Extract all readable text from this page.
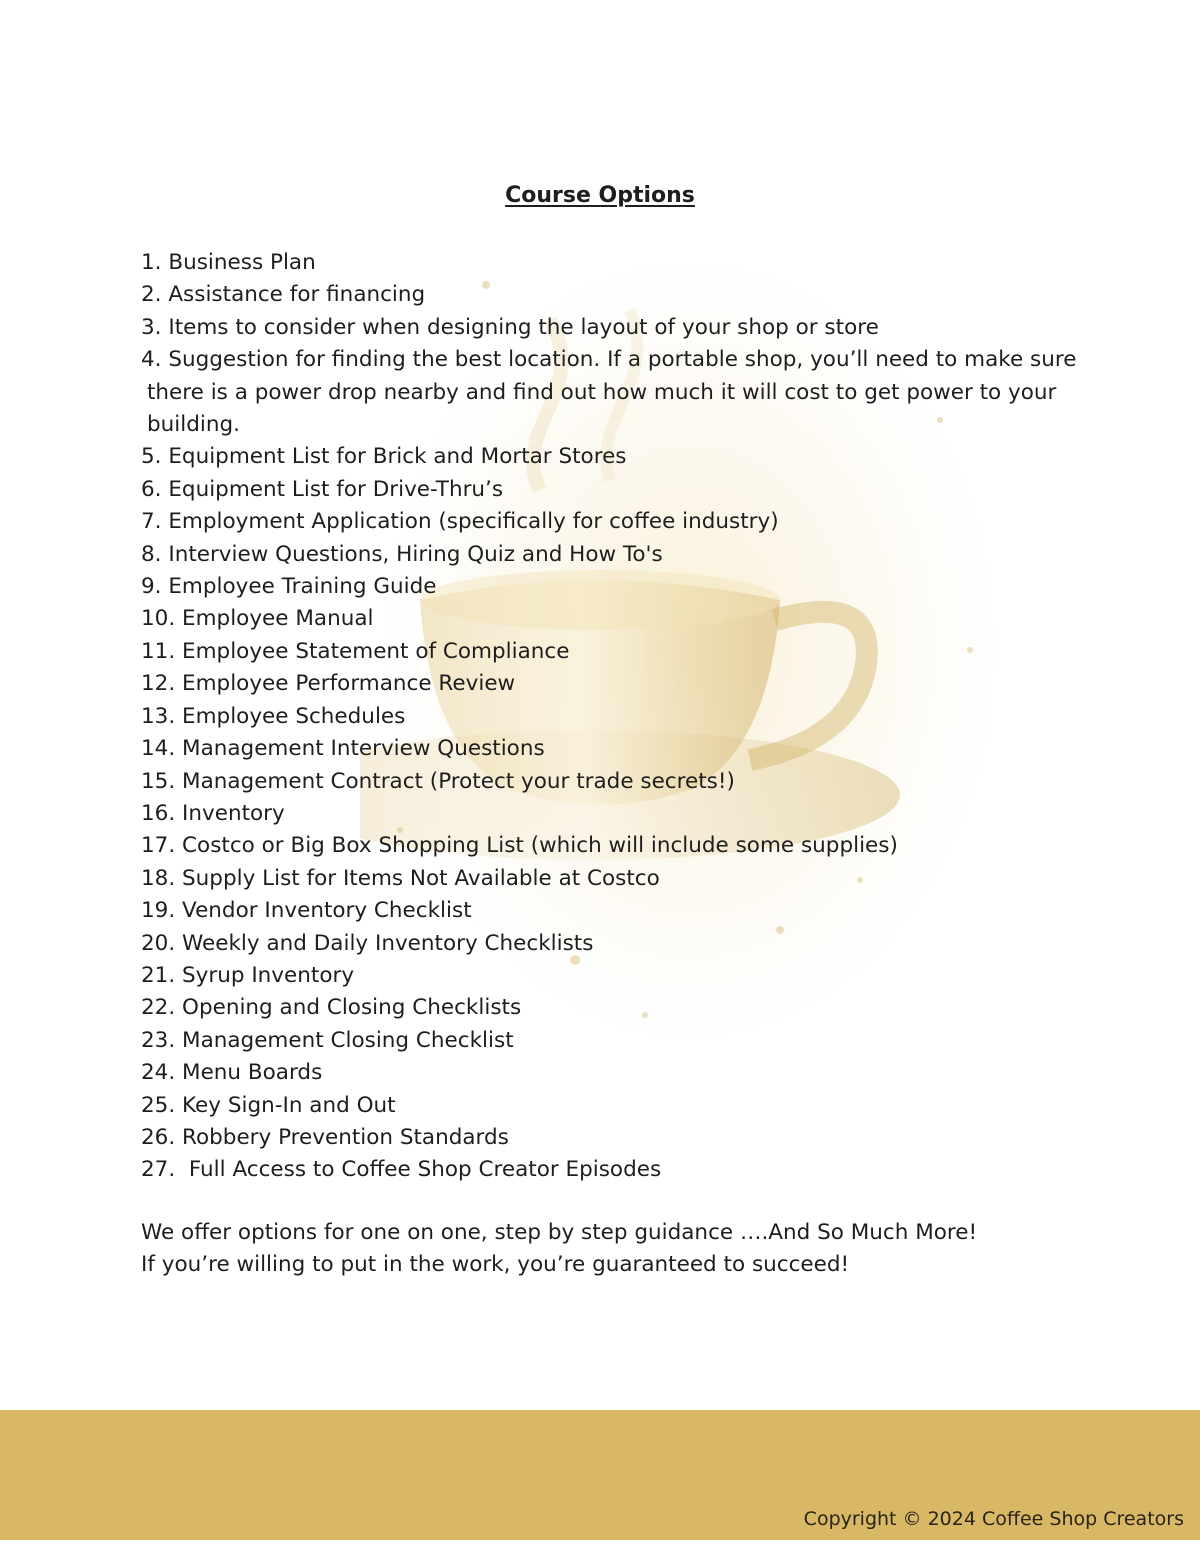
Course Options
1. Business Plan
2. Assistance for financing
3. Items to consider when designing the layout of your shop or store
4. Suggestion for finding the best location. If a portable shop, you’ll need to make sure there is a power drop nearby and find out how much it will cost to get power to your building.
5. Equipment List for Brick and Mortar Stores
6. Equipment List for Drive-Thru’s
7. Employment Application (specifically for coffee industry)
8. Interview Questions, Hiring Quiz and How To's
9. Employee Training Guide
10. Employee Manual
11. Employee Statement of Compliance
12. Employee Performance Review
13. Employee Schedules
14. Management Interview Questions
15. Management Contract (Protect your trade secrets!)
16. Inventory
17. Costco or Big Box Shopping List (which will include some supplies)
18. Supply List for Items Not Available at Costco
19. Vendor Inventory Checklist
20. Weekly and Daily Inventory Checklists
21. Syrup Inventory
22. Opening and Closing Checklists
23. Management Closing Checklist
24. Menu Boards
25. Key Sign-In and Out
26. Robbery Prevention Standards
27.  Full Access to Coffee Shop Creator Episodes

We offer options for one on one, step by step guidance ….And So Much More!

If you’re willing to put in the work, you’re guaranteed to succeed!

Copyright © 2024 Coffee Shop Creators
